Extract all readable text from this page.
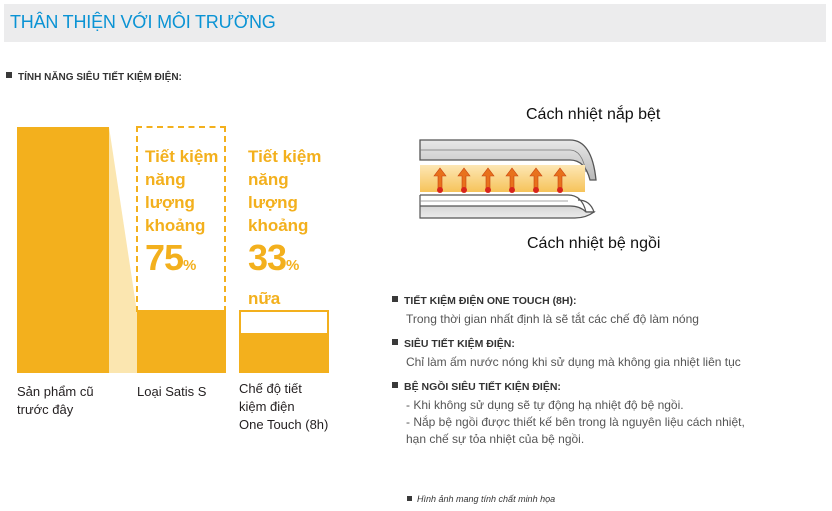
THÂN THIỆN VỚI MÔI TRƯỜNG
TÍNH NĂNG SIÊU TIẾT KIỆM ĐIỆN:
Tiết kiệm
năng
lượng
khoảng
75%
Tiết kiệm
năng
lượng
khoảng
33%
nữa
Sản phẩm cũ
trước đây
Loại Satis S	Chế độ tiết
kiệm điện
One Touch (8h)
Cách nhiệt nắp bệt
Cách nhiệt bệ ngồi
TIẾT KIỆM ĐIỆN ONE TOUCH (8H):
Trong thời gian nhất định là sẽ tắt các chế độ làm nóng
SIÊU TIẾT KIỆM ĐIỆN:
Chỉ làm ấm nước nóng khi sử dụng mà không gia nhiệt liên tục
BỆ NGỒI SIÊU TIẾT KIỆN ĐIỆN:
- Khi không sử dụng sẽ tự động hạ nhiệt độ bệ ngồi.
- Nắp bệ ngồi được thiết kế bên trong là nguyên liệu cách nhiệt,
hạn chế sự tỏa nhiệt của bệ ngồi.
Hình ảnh mang tính chất minh họa
